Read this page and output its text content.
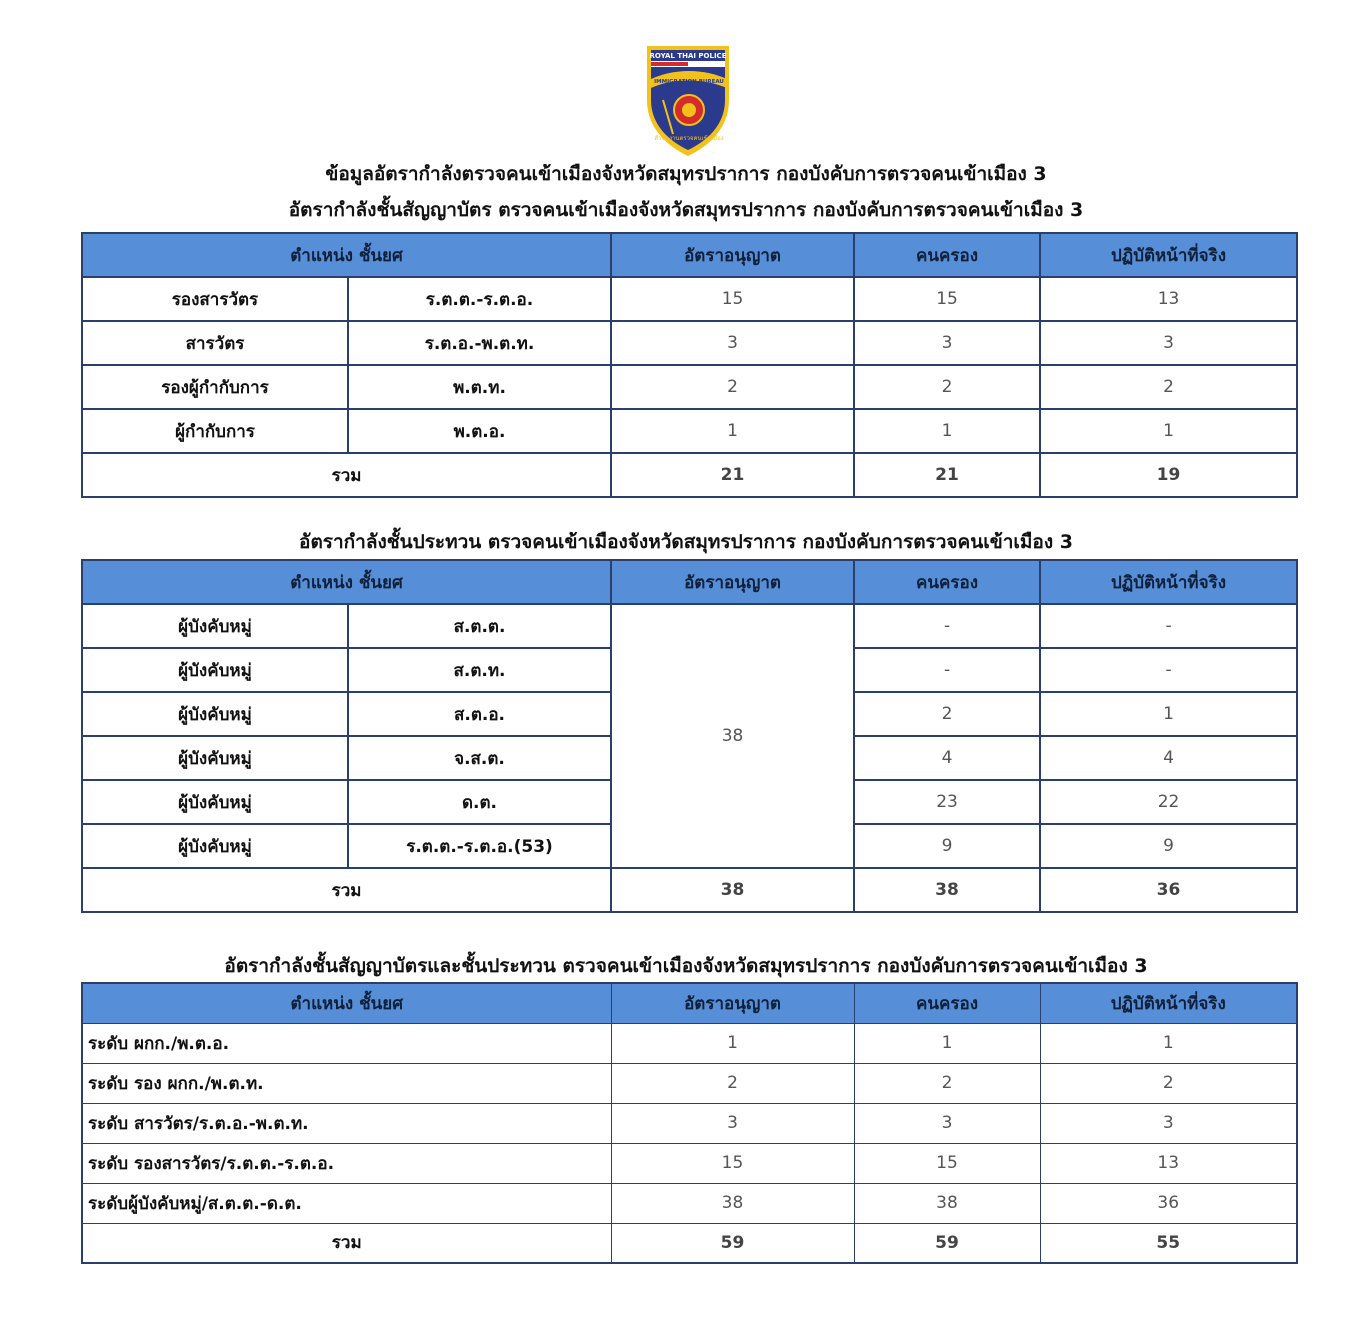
ROYAL THAI POLICE
IMMIGRATION BUREAU
สำนักงานตรวจคนเข้าเมือง
ข้อมูลอัตรากำลังตรวจคนเข้าเมืองจังหวัดสมุทรปราการ กองบังคับการตรวจคนเข้าเมือง 3
อัตรากำลังชั้นสัญญาบัตร ตรวจคนเข้าเมืองจังหวัดสมุทรปราการ กองบังคับการตรวจคนเข้าเมือง 3
ตำแหน่ง ชั้นยศ		อัตราอนุญาต	คนครอง	ปฏิบัติหน้าที่จริง
รองสารวัตร	ร.ต.ต.-ร.ต.อ.	15	15	13
สารวัตร	ร.ต.อ.-พ.ต.ท.	3	3	3
รองผู้กำกับการ	พ.ต.ท.	2	2	2
ผู้กำกับการ	พ.ต.อ.	1	1	1
รวม		21	21	19
อัตรากำลังชั้นประทวน ตรวจคนเข้าเมืองจังหวัดสมุทรปราการ กองบังคับการตรวจคนเข้าเมือง 3
ตำแหน่ง ชั้นยศ		อัตราอนุญาต	คนครอง	ปฏิบัติหน้าที่จริง
ผู้บังคับหมู่	ส.ต.ต.	38	-	-
ผู้บังคับหมู่	ส.ต.ท.		-	-
ผู้บังคับหมู่	ส.ต.อ.		2	1
ผู้บังคับหมู่	จ.ส.ต.		4	4
ผู้บังคับหมู่	ด.ต.		23	22
ผู้บังคับหมู่	ร.ต.ต.-ร.ต.อ.(53)		9	9
รวม		38	38	36
อัตรากำลังชั้นสัญญาบัตรและชั้นประทวน ตรวจคนเข้าเมืองจังหวัดสมุทรปราการ กองบังคับการตรวจคนเข้าเมือง 3
ตำแหน่ง ชั้นยศ	อัตราอนุญาต	คนครอง	ปฏิบัติหน้าที่จริง
ระดับ ผกก./พ.ต.อ.	1	1	1
ระดับ รอง ผกก./พ.ต.ท.	2	2	2
ระดับ สารวัตร/ร.ต.อ.-พ.ต.ท.	3	3	3
ระดับ รองสารวัตร/ร.ต.ต.-ร.ต.อ.	15	15	13
ระดับผู้บังคับหมู่/ส.ต.ต.-ด.ต.	38	38	36
รวม	59	59	55
